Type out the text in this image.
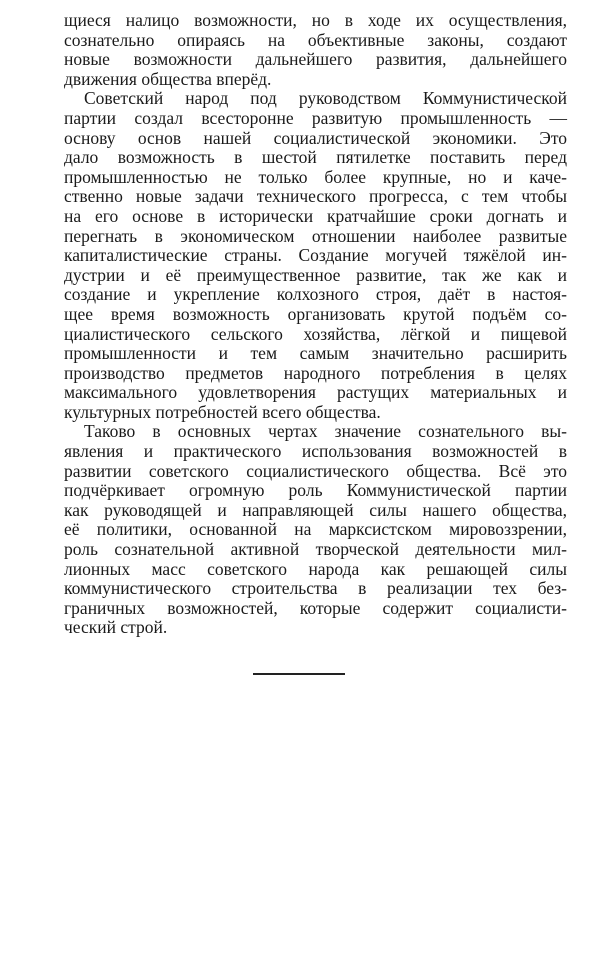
щиеся налицо возможности, но в ходе их осуществления,
сознательно опираясь на объективные законы, создают
новые возможности дальнейшего развития, дальнейшего
движения общества вперёд.
Советский народ под руководством Коммунистической
партии создал всесторонне развитую промышленность —
основу основ нашей социалистической экономики. Это
дало возможность в шестой пятилетке поставить перед
промышленностью не только более крупные, но и каче-
ственно новые задачи технического прогресса, с тем чтобы
на его основе в исторически кратчайшие сроки догнать и
перегнать в экономическом отношении наиболее развитые
капиталистические страны. Создание могучей тяжёлой ин-
дустрии и её преимущественное развитие, так же как и
создание и укрепление колхозного строя, даёт в настоя-
щее время возможность организовать крутой подъём со-
циалистического сельского хозяйства, лёгкой и пищевой
промышленности и тем самым значительно расширить
производство предметов народного потребления в целях
максимального удовлетворения растущих материальных и
культурных потребностей всего общества.
Таково в основных чертах значение сознательного вы-
явления и практического использования возможностей в
развитии советского социалистического общества. Всё это
подчёркивает огромную роль Коммунистической партии
как руководящей и направляющей силы нашего общества,
её политики, основанной на марксистском мировоззрении,
роль сознательной активной творческой деятельности мил-
лионных масс советского народа как решающей силы
коммунистического строительства в реализации тех без-
граничных возможностей, которые содержит социалисти-
ческий строй.
